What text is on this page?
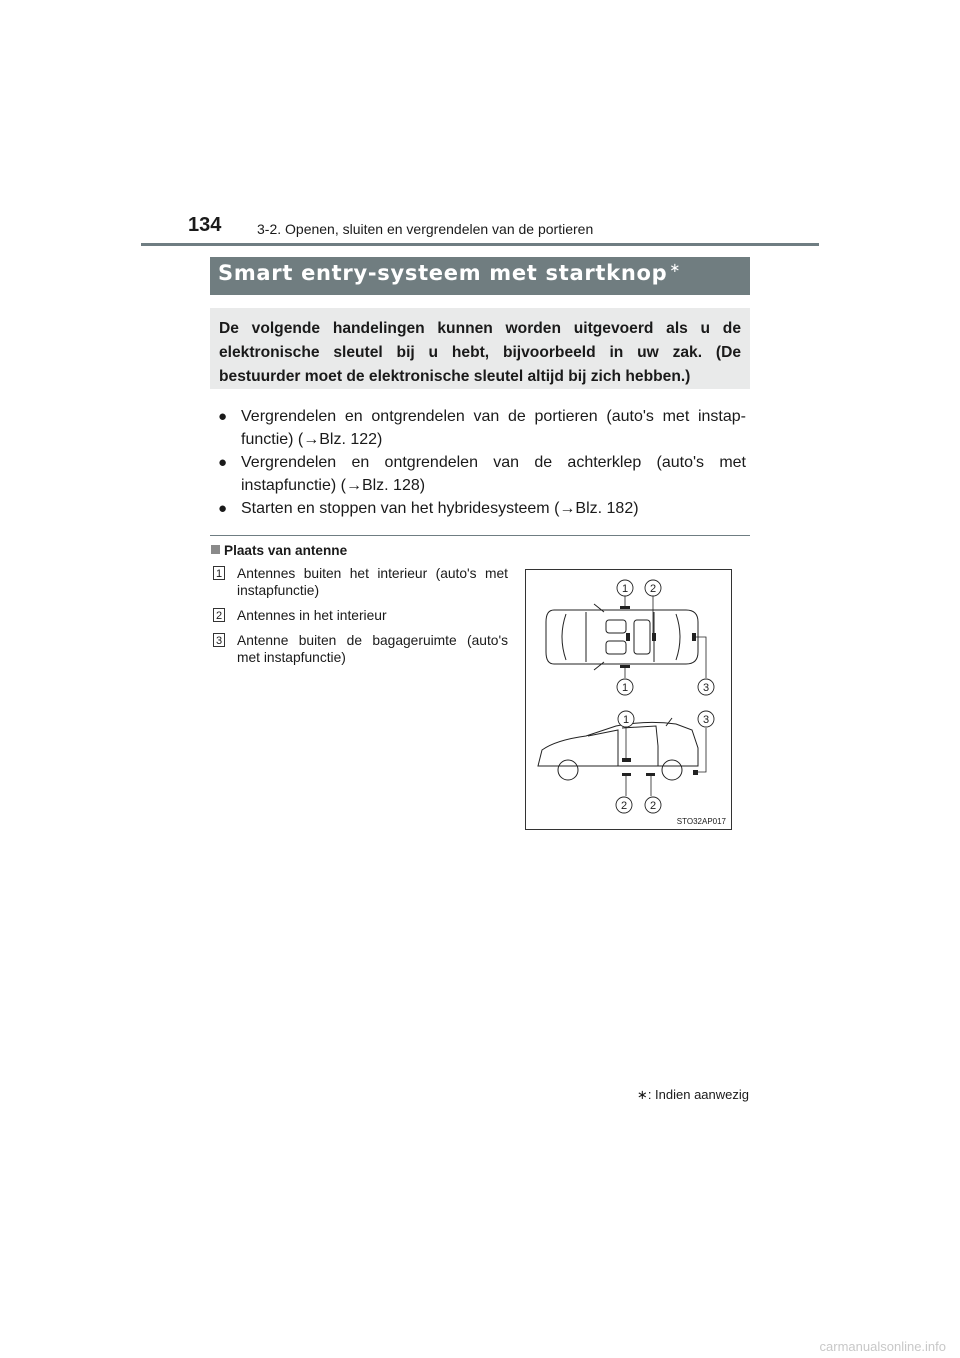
134	3-2. Openen, sluiten en vergrendelen van de portieren
Smart entry-systeem met startknop ∗
De volgende handelingen kunnen worden uitgevoerd als u de elektronische sleutel bij u hebt, bijvoorbeeld in uw zak. (De bestuurder moet de elektronische sleutel altijd bij zich hebben.)
● Vergrendelen en ontgrendelen van de portieren (auto's met instap-functie) (→Blz. 122)
● Vergrendelen en ontgrendelen van de achterklep (auto's met instapfunctie) (→Blz. 128)
● Starten en stoppen van het hybridesysteem (→Blz. 182)
Plaats van antenne
1 Antennes buiten het interieur (auto's met instapfunctie)
2 Antennes in het interieur
3 Antenne buiten de bagageruimte (auto's met instapfunctie)
1 2
1	3
1	3
2 2
STO32AP017
∗: Indien aanwezig
carmanualsonline.info
